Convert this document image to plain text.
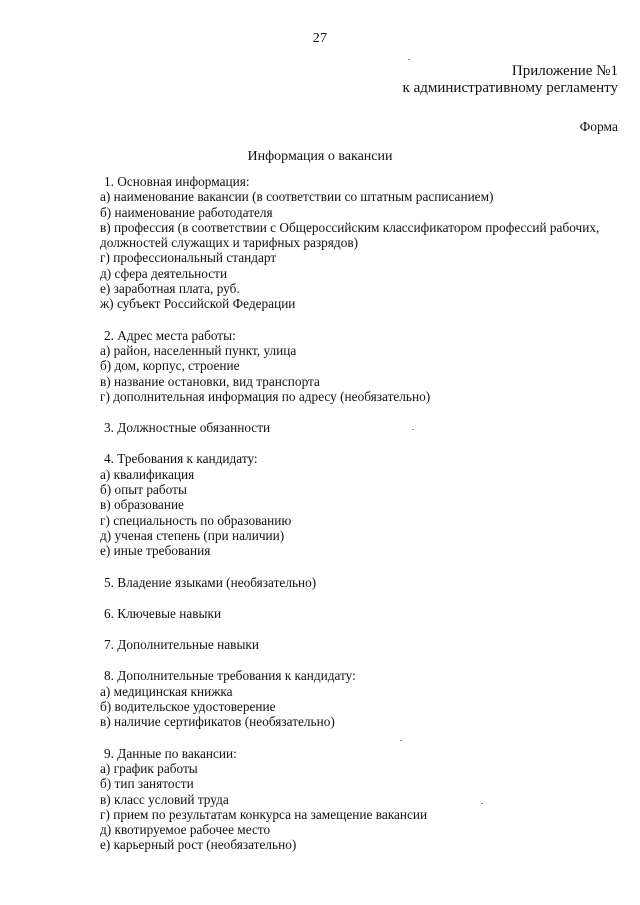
27
Приложение №1
к административному регламенту
Форма
Информация о вакансии
1. Основная информация:
а) наименование вакансии (в соответствии со штатным расписанием)
б) наименование работодателя
в) профессия (в соответствии с Общероссийским классификатором профессий рабочих,
должностей служащих и тарифных разрядов)
г) профессиональный стандарт
д) сфера деятельности
е) заработная плата, руб.
ж) субъект Российской Федерации
2. Адрес места работы:
а) район, населенный пункт, улица
б) дом, корпус, строение
в) название остановки, вид транспорта
г) дополнительная информация по адресу (необязательно)
3. Должностные обязанности
4. Требования к кандидату:
а) квалификация
б) опыт работы
в) образование
г) специальность по образованию
д) ученая степень (при наличии)
е) иные требования
5. Владение языками (необязательно)
6. Ключевые навыки
7. Дополнительные навыки
8. Дополнительные требования к кандидату:
а) медицинская книжка
б) водительское удостоверение
в) наличие сертификатов (необязательно)
9. Данные по вакансии:
а) график работы
б) тип занятости
в) класс условий труда
г) прием по результатам конкурса на замещение вакансии
д) квотируемое рабочее место
е) карьерный рост (необязательно)
